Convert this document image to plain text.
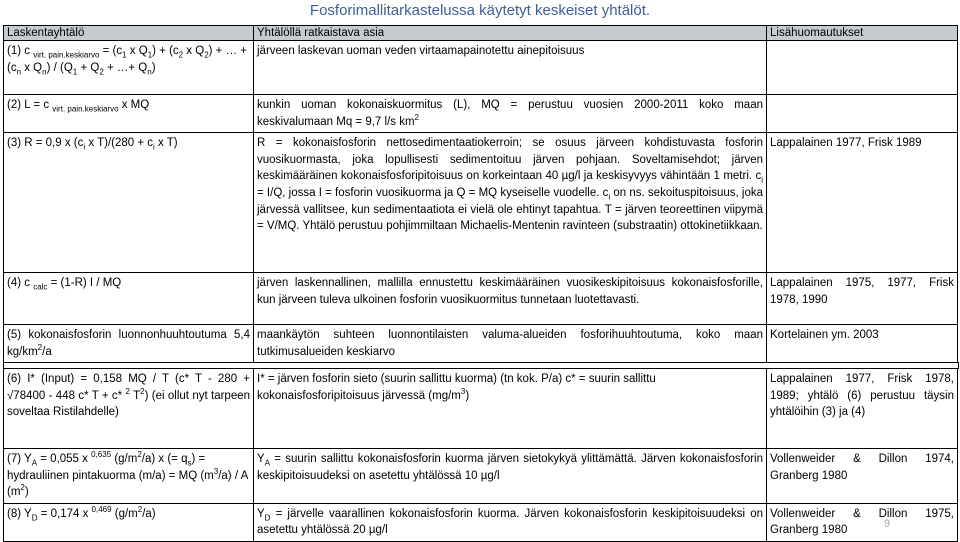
Fosforimallitarkastelussa käytetyt keskeiset yhtälöt.
Laskentayhtälö	Yhtälöllä ratkaistava asia	Lisähuomautukset
(1) c $_{virt. pain.keskiarvo} = (c_1$ x $Q_1) + (c_2$ x $Q_2$) + … + ($c_n$ x $Q_n) / (Q_1 + Q_2$ + …+ $Q_n$)	järveen laskevan uoman veden virtaamapainotettu ainepitoisuus	
(2) L = c $_{virt. pain.keskiarvo}$ x MQ	kunkin uoman kokonaiskuormitus (L), MQ = perustuu vuosien 2000-2011 koko maan keskivalumaan Mq = 9,7 l/s $km^2$	
(3) R = 0,9 x ($c_i$ x $T)/(280 + c_i$ x T)	R = kokonaisfosforin nettosedimentaatiokerroin; se osuus järveen kohdistuvasta fosforin vuosikuormasta, joka lopullisesti sedimentoituu järven pohjaan. Soveltamisehdot; järven keskimääräinen kokonaisfosforipitoisuus on korkeintaan 40 µg/l ja keskisyvyys vähintään 1 metri. $c_i = I/Q$, jossa I = fosforin vuosikuorma ja Q = MQ kyseiselle vuodelle. $c_i$ on ns. sekoituspitoisuus, joka järvessä vallitsee, kun sedimentaatiota ei vielä ole ehtinyt tapahtua. T = järven teoreettinen viipymä = V/MQ. Yhtälö perustuu pohjimmiltaan Michaelis-Mentenin ravinteen (substraatin) ottokinetiikkaan.	Lappalainen 1977, Frisk 1989
(4) c $_{calc}$ = (1-R) I / MQ	järven laskennallinen, mallilla ennustettu keskimääräinen vuosikeskipitoisuus kokonaisfosforille, kun järveen tuleva ulkoinen fosforin vuosikuormitus tunnetaan luotettavasti.	Lappalainen 1975, 1977, Frisk 1978, 1990
(5) kokonaisfosforin luonnonhuuhtoutuma 5,4 $kg/km^2/a$	maankäytön suhteen luonnontilaisten valuma-alueiden fosforihuuhtoutuma, koko maan tutkimusalueiden keskiarvo	Kortelainen ym. 2003
(6) I* (Input) = 0,158 MQ / T (c* T - 280 + √78400 - 448 c* T + c* $^2$ $T^2$) (ei ollut nyt tarpeen soveltaa Ristilahdelle)	I* = järven fosforin sieto (suurin sallittu kuorma) (tn kok. P/a) c* = suurin sallittu kokonaisfosforipitoisuus järvessä $(mg/m^3)$	Lappalainen 1977, Frisk 1978, 1989; yhtälö (6) perustuu täysin yhtälöihin (3) ja (4)
(7) $Y_A = 0,055$ x $^{0,635}$ $(g/m^2/a)$ x (= $q_s$) = hydrauliinen pintakuorma (m/a) = MQ $(m^3/a)$ / A $(m^2)$	$Y_A$ = suurin sallittu kokonaisfosforin kuorma järven sietokykyä ylittämättä. Järven kokonaisfosforin keskipitoisuudeksi on asetettu yhtälössä 10 µg/l	Vollenweider & Dillon 1974, Granberg 1980
(8) $Y_D = 0,174$ x $^{0,469}$ $(g/m^2/a)$	$Y_D$ = järvelle vaarallinen kokonaisfosforin kuorma. Järven kokonaisfosforin keskipitoisuudeksi on asetettu yhtälössä 20 µg/l	Vollenweider & Dillon 1975, Granberg 1980
9
